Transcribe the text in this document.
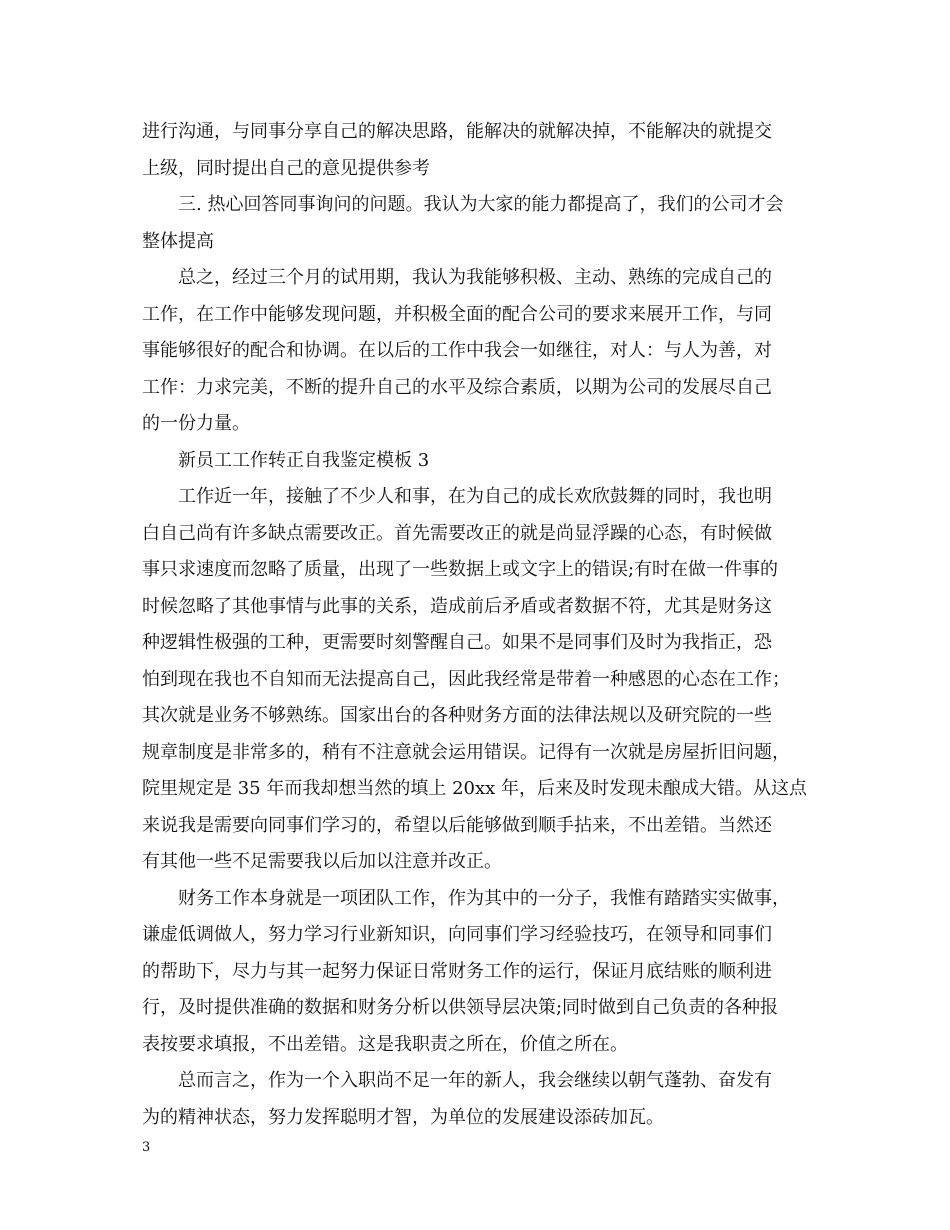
进行沟通，与同事分享自己的解决思路，能解决的就解决掉，不能解决的就提交
上级，同时提出自己的意见提供参考
三. 热心回答同事询问的问题。我认为大家的能力都提高了，我们的公司才会
整体提高
总之，经过三个月的试用期，我认为我能够积极、主动、熟练的完成自己的
工作，在工作中能够发现问题，并积极全面的配合公司的要求来展开工作，与同
事能够很好的配合和协调。在以后的工作中我会一如继往，对人：与人为善，对
工作：力求完美，不断的提升自己的水平及综合素质，以期为公司的发展尽自己
的一份力量。
新员工工作转正自我鉴定模板 3
工作近一年，接触了不少人和事，在为自己的成长欢欣鼓舞的同时，我也明
白自己尚有许多缺点需要改正。首先需要改正的就是尚显浮躁的心态，有时候做
事只求速度而忽略了质量，出现了一些数据上或文字上的错误;有时在做一件事的
时候忽略了其他事情与此事的关系，造成前后矛盾或者数据不符，尤其是财务这
种逻辑性极强的工种，更需要时刻警醒自己。如果不是同事们及时为我指正，恐
怕到现在我也不自知而无法提高自己，因此我经常是带着一种感恩的心态在工作；
其次就是业务不够熟练。国家出台的各种财务方面的法律法规以及研究院的一些
规章制度是非常多的，稍有不注意就会运用错误。记得有一次就是房屋折旧问题，
院里规定是 35 年而我却想当然的填上 20xx 年，后来及时发现未酿成大错。从这点
来说我是需要向同事们学习的，希望以后能够做到顺手拈来，不出差错。当然还
有其他一些不足需要我以后加以注意并改正。
财务工作本身就是一项团队工作，作为其中的一分子，我惟有踏踏实实做事，
谦虚低调做人，努力学习行业新知识，向同事们学习经验技巧，在领导和同事们
的帮助下，尽力与其一起努力保证日常财务工作的运行，保证月底结账的顺利进
行，及时提供准确的数据和财务分析以供领导层决策;同时做到自己负责的各种报
表按要求填报，不出差错。这是我职责之所在，价值之所在。
总而言之，作为一个入职尚不足一年的新人，我会继续以朝气蓬勃、奋发有
为的精神状态，努力发挥聪明才智，为单位的发展建设添砖加瓦。
3
